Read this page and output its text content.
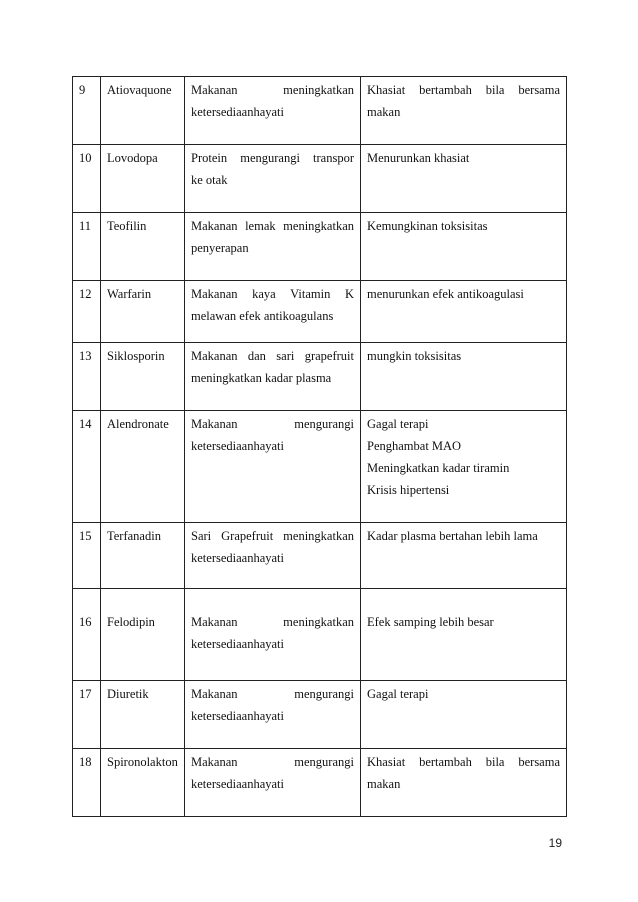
9	Atiovaquone	Makanan meningkatkan
ketersediaanhayati	Khasiat bertambah bila bersama
makan

10	Lovodopa	Protein mengurangi transpor
ke otak	Menurunkan khasiat

11	Teofilin	Makanan lemak meningkatkan
penyerapan	Kemungkinan toksisitas

12	Warfarin	Makanan kaya Vitamin K
melawan efek antikoagulans	menurunkan efek antikoagulasi

13	Siklosporin	Makanan dan sari grapefruit
meningkatkan kadar plasma	mungkin toksisitas

14	Alendronate	Makanan mengurangi
ketersediaanhayati	Gagal terapi
Penghambat MAO
Meningkatkan kadar tiramin
Krisis hipertensi

15	Terfanadin	Sari Grapefruit meningkatkan
ketersediaanhayati	Kadar plasma bertahan lebih lama

16	Felodipin	Makanan meningkatkan
ketersediaanhayati	Efek samping lebih besar

17	Diuretik	Makanan mengurangi
ketersediaanhayati	Gagal terapi

18	Spironolakton	Makanan mengurangi
ketersediaanhayati	Khasiat bertambah bila bersama
makan
19
